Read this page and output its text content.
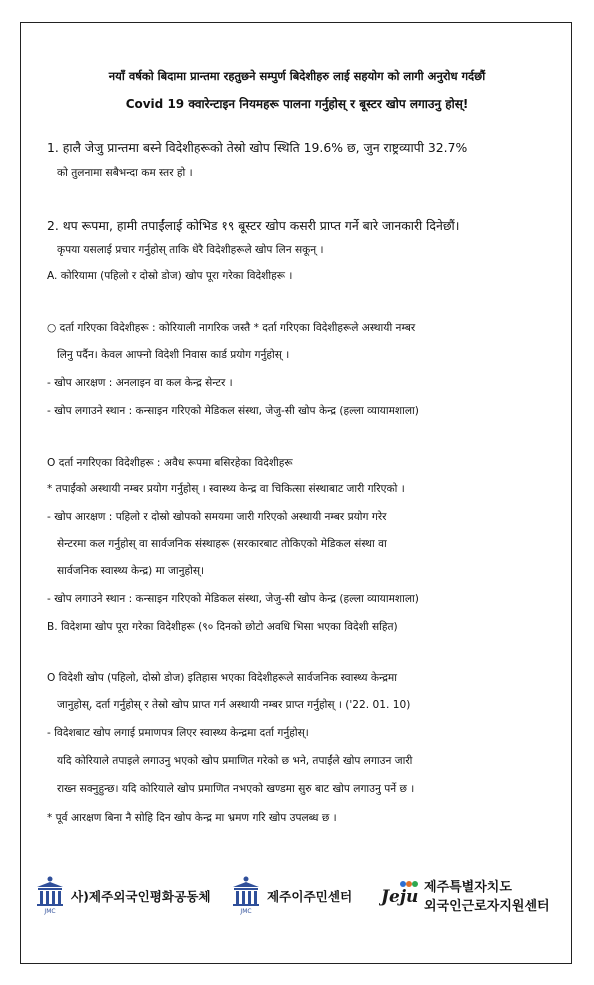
नयाँ वर्षको बिदामा प्रान्तमा रहतुछने सम्पुर्ण बिदेशीहरु लाई सहयोग को लागी अनुरोध गर्दछौं
Covid 19 क्वारेन्टाइन नियमहरू पालना गर्नुहोस् र बूस्टर खोप लगाउनु होस्!
1. हालै जेजु प्रान्तमा बस्ने विदेशीहरूको तेस्रो खोप स्थिति 19.6% छ, जुन राष्ट्रव्यापी 32.7%
को तुलनामा सबैभन्दा कम स्तर हो ।
2. थप रूपमा, हामी तपाईंलाई कोभिड १९ बूस्टर खोप कसरी प्राप्त गर्ने बारे जानकारी दिनेछौं।
कृपया यसलाई प्रचार गर्नुहोस् ताकि धेरै विदेशीहरूले खोप लिन सकून् ।
A. कोरियामा (पहिलो र दोस्रो डोज) खोप पूरा गरेका विदेशीहरू ।
○ दर्ता गरिएका विदेशीहरू : कोरियाली नागरिक जस्तै * दर्ता गरिएका विदेशीहरूले अस्थायी नम्बर
लिनु पर्दैन। केवल आफ्नो विदेशी निवास कार्ड प्रयोग गर्नुहोस् ।
- खोप आरक्षण : अनलाइन वा कल केन्द्र सेन्टर ।
- खोप लगाउने स्थान : कन्साइन गरिएको मेडिकल संस्था, जेजु-सी खोप केन्द्र (हल्ला व्यायामशाला)
O दर्ता नगरिएका विदेशीहरू : अवैध रूपमा बसिरहेका विदेशीहरू
* तपाईंको अस्थायी नम्बर प्रयोग गर्नुहोस् । स्वास्थ्य केन्द्र वा चिकित्सा संस्थाबाट जारी गरिएको ।
- खोप आरक्षण : पहिलो र दोस्रो खोपको समयमा जारी गरिएको अस्थायी नम्बर प्रयोग गरेर
सेन्टरमा कल गर्नुहोस् वा सार्वजनिक संस्थाहरू (सरकारबाट तोकिएको मेडिकल संस्था वा
सार्वजनिक स्वास्थ्य केन्द्र) मा जानुहोस्।
- खोप लगाउने स्थान : कन्साइन गरिएको मेडिकल संस्था, जेजु-सी खोप केन्द्र (हल्ला व्यायामशाला)
B. विदेशमा खोप पूरा गरेका विदेशीहरू (९० दिनको छोटो अवधि भिसा भएका विदेशी सहित)
O विदेशी खोप (पहिलो, दोस्रो डोज) इतिहास भएका विदेशीहरूले सार्वजनिक स्वास्थ्य केन्द्रमा
जानुहोस्, दर्ता गर्नुहोस् र तेस्रो खोप प्राप्त गर्न अस्थायी नम्बर प्राप्त गर्नुहोस् । ('22. 01. 10)
- विदेशबाट खोप लगाई प्रमाणपत्र लिएर स्वास्थ्य केन्द्रमा दर्ता गर्नुहोस्।
यदि कोरियाले तपाइले लगाउनु भएको खोप प्रमाणित गरेको छ भने, तपाईंले खोप लगाउन जारी
राख्न सक्नुहुन्छ। यदि कोरियाले खोप प्रमाणित नभएको खण्डमा सुरु बाट खोप लगाउनु पर्ने छ ।
* पूर्व आरक्षण बिना नै सोहि दिन खोप केन्द्र मा भ्रमण गरि खोप उपलब्ध छ ।
JMC
사)제주외국인평화공동체
JMC
제주이주민센터 Jeju 제주특별자치도
외국인근로자지원센터
